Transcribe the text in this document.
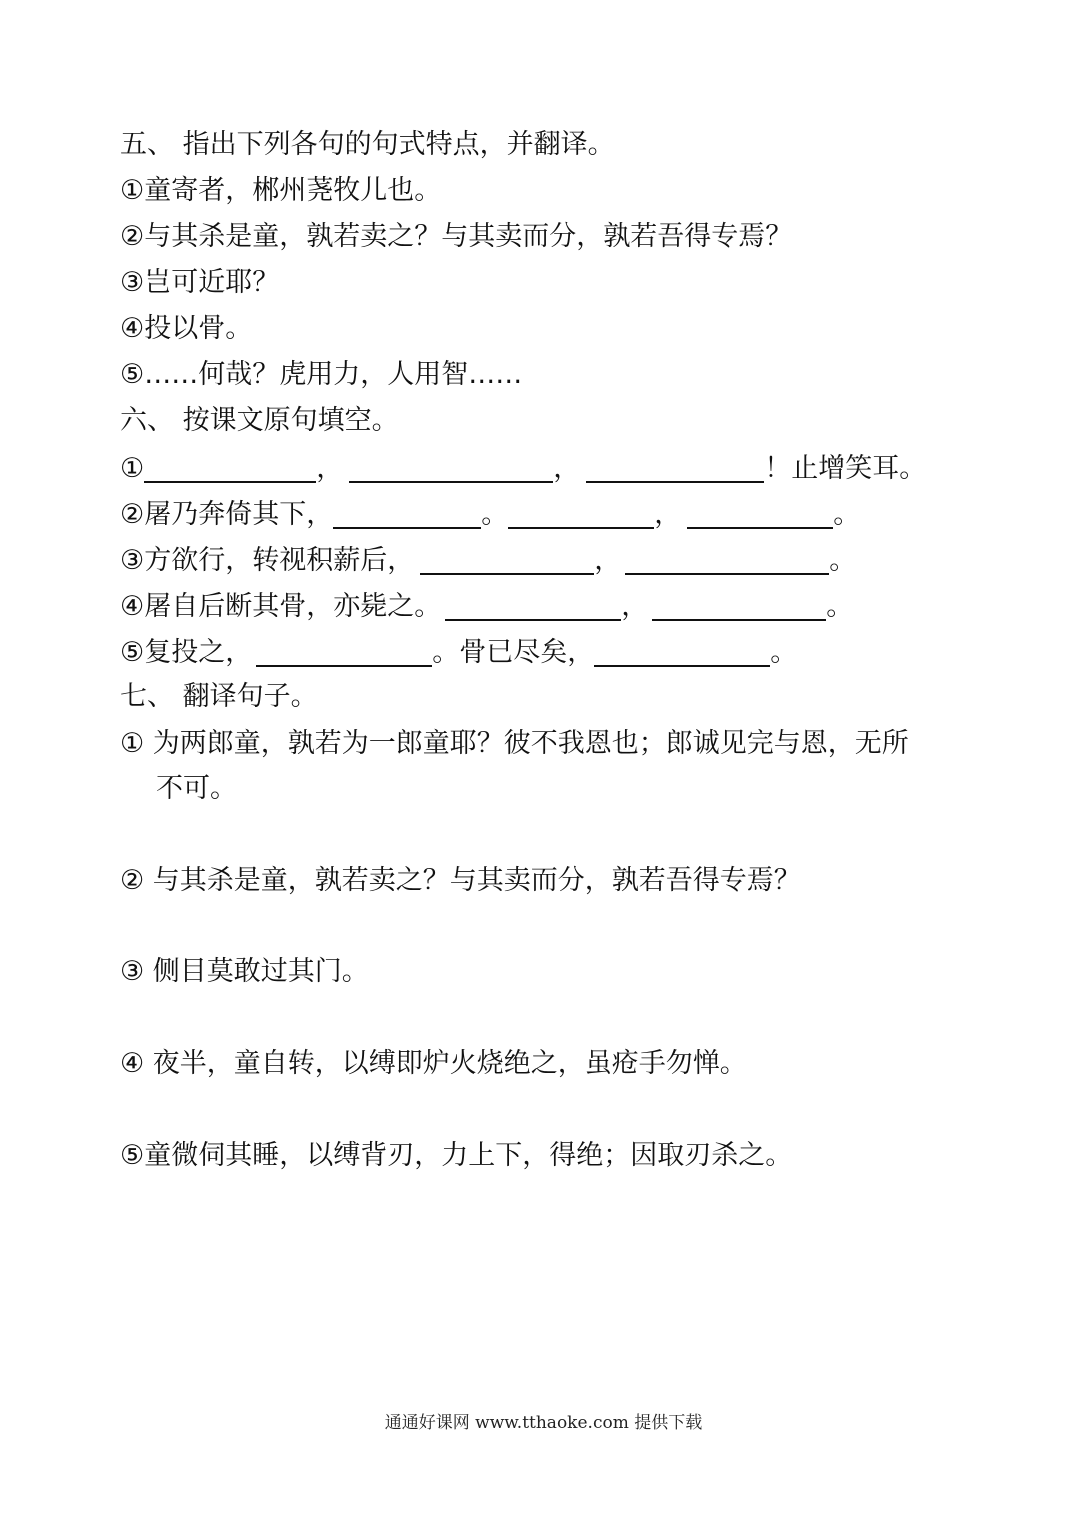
五、 指出下列各句的句式特点，并翻译。
①童寄者，郴州荛牧儿也。
②与其杀是童，孰若卖之？与其卖而分，孰若吾得专焉？
③岂可近耶？
④投以骨。
⑤……何哉？虎用力，人用智……
六、 按课文原句填空。
①	，	，	！止增笑耳。
②屠乃奔倚其下，	。	，	。
③方欲行，转视积薪后，	，	。
④屠自后断其骨，亦毙之。	，	。
⑤复投之，	。骨已尽矣，	。
七、 翻译句子。
① 为两郎童，孰若为一郎童耶？彼不我恩也；郎诚见完与恩，无所
不可。
② 与其杀是童，孰若卖之？与其卖而分，孰若吾得专焉？
③ 侧目莫敢过其门。
④ 夜半，童自转，以缚即炉火烧绝之，虽疮手勿惮。
⑤童微伺其睡，以缚背刃，力上下，得绝；因取刃杀之。
通通好课网 www.tthaoke.com 提供下载
